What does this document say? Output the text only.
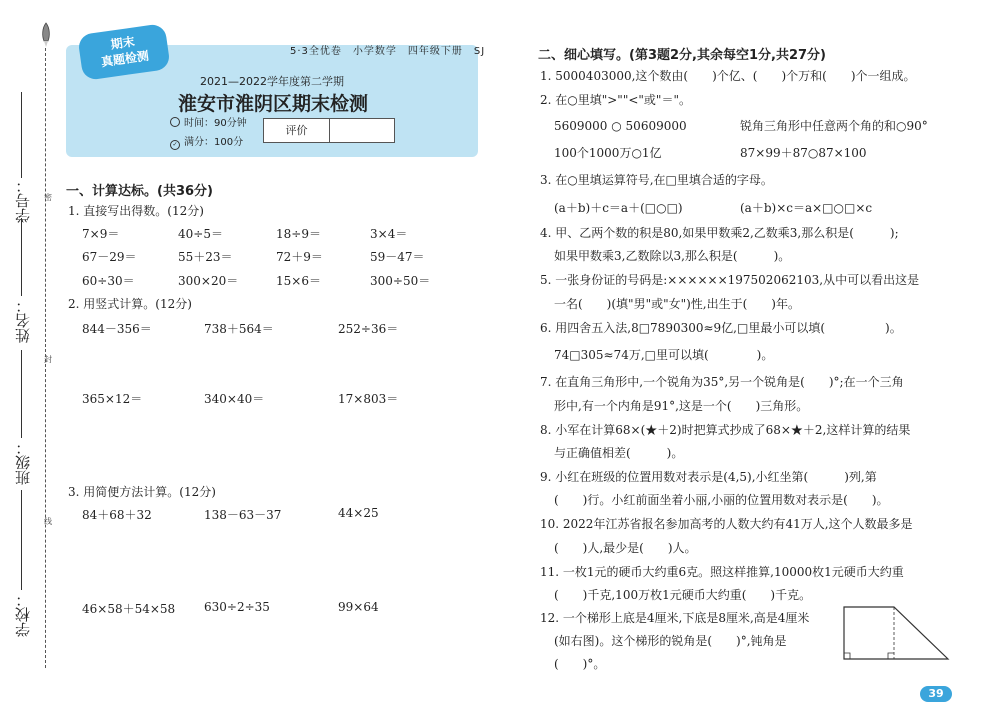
学号：
姓名：
班级：
学校：
密
封
线
期末
真题检测	5·3全优卷　小学数学　四年级下册　SJ
2021—2022学年度第二学期
淮安市淮阴区期末检测
时间：90分钟
✓ 满分：100分
评价
一、计算达标。(共36分)
1. 直接写出得数。(12分)
7×9＝	40÷5＝	18÷9＝	3×4＝
67－29＝	55＋23＝	72＋9＝	59－47＝
60÷30＝	300×20＝	15×6＝	300÷50＝
2. 用竖式计算。(12分)
844－356＝	738＋564＝	252÷36＝
365×12＝	340×40＝	17×803＝
3. 用简便方法计算。(12分)
84＋68＋32	138－63－37	44×25
46×58＋54×58 630÷2÷35	99×64
二、细心填写。(第3题2分,其余每空1分,共27分)
1. 5000403000,这个数由(　　)个亿、(　　)个万和(　　)个一组成。
2. 在○里填">""<"或"＝"。
5609000 ○ 50609000	锐角三角形中任意两个角的和○90°
100个1000万○1亿	87×99＋87○87×100
3. 在○里填运算符号,在□里填合适的字母。
(a＋b)＋c＝a＋(□○□)	(a＋b)×c＝a×□○□×c
4. 甲、乙两个数的积是80,如果甲数乘2,乙数乘3,那么积是(　　　);
如果甲数乘3,乙数除以3,那么积是(　　　)。
5. 一张身份证的号码是:××××××197502062103,从中可以看出这是
一名(　　)(填"男"或"女")性,出生于(　　)年。
6. 用四舍五入法,8□7890300≈9亿,□里最小可以填(　　　　　)。
74□305≈74万,□里可以填(　　　　)。
7. 在直角三角形中,一个锐角为35°,另一个锐角是(　　)°;在一个三角
形中,有一个内角是91°,这是一个(　　)三角形。
8. 小军在计算68×(★＋2)时把算式抄成了68×★＋2,这样计算的结果
与正确值相差(　　　)。
9. 小红在班级的位置用数对表示是(4,5),小红坐第(　　　)列,第
(　　)行。小红前面坐着小丽,小丽的位置用数对表示是(　　)。
10. 2022年江苏省报名参加高考的人数大约有41万人,这个人数最多是
(　　)人,最少是(　　)人。
11. 一枚1元的硬币大约重6克。照这样推算,10000枚1元硬币大约重
(　　)千克,100万枚1元硬币大约重(　　)千克。
12. 一个梯形上底是4厘米,下底是8厘米,高是4厘米
(如右图)。这个梯形的锐角是(　　)°,钝角是
(　　)°。
39
